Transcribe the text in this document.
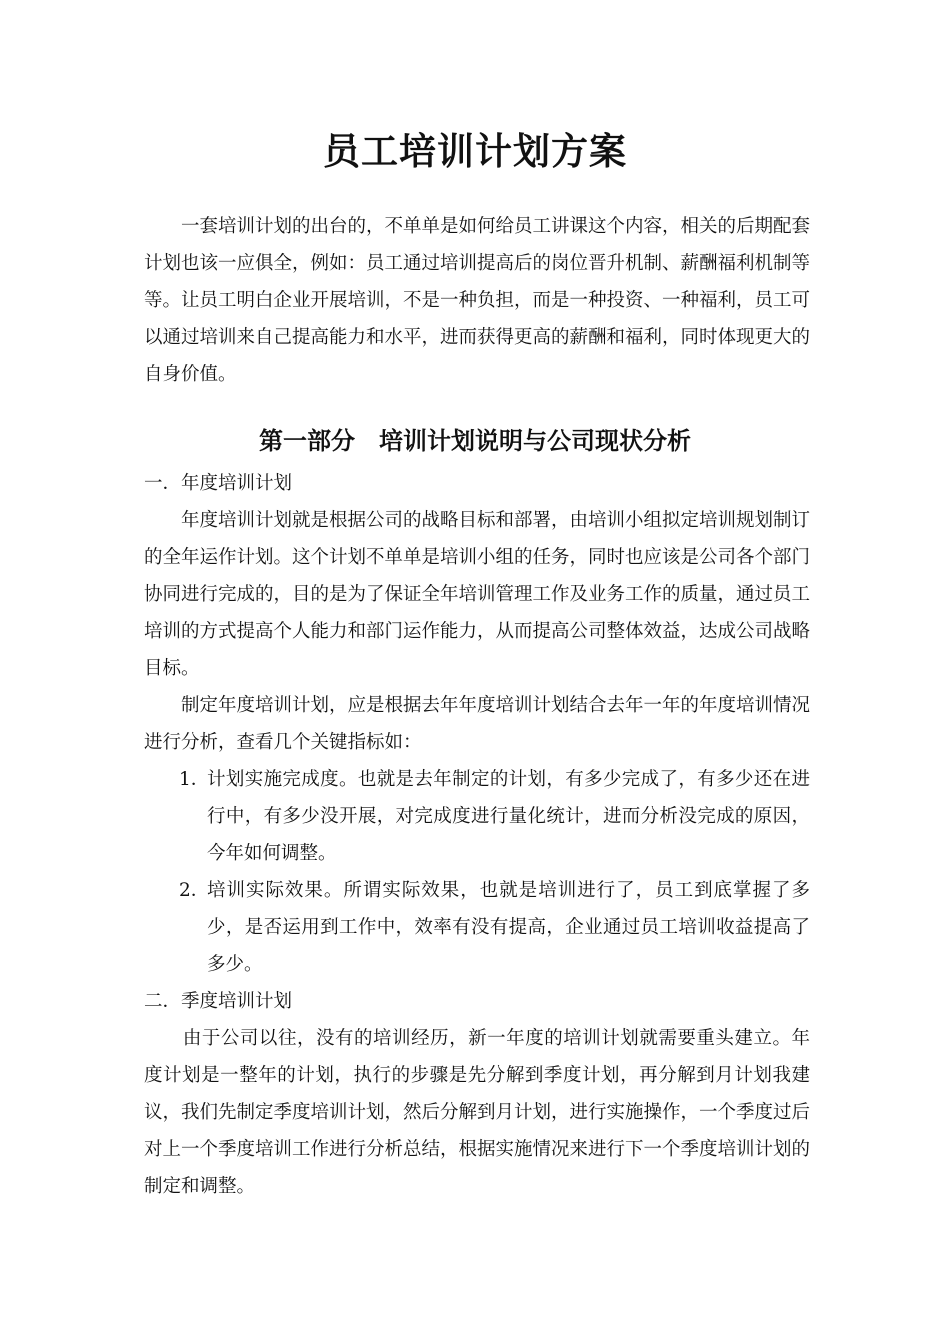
员工培训计划方案

一套培训计划的出台的，不单单是如何给员工讲课这个内容，相关的后期配套计划也该一应俱全，例如：员工通过培训提高后的岗位晋升机制、薪酬福利机制等等。让员工明白企业开展培训，不是一种负担，而是一种投资、一种福利，员工可以通过培训来自己提高能力和水平，进而获得更高的薪酬和福利，同时体现更大的自身价值。

第一部分　培训计划说明与公司现状分析

一．年度培训计划

年度培训计划就是根据公司的战略目标和部署，由培训小组拟定培训规划制订的全年运作计划。这个计划不单单是培训小组的任务，同时也应该是公司各个部门协同进行完成的，目的是为了保证全年培训管理工作及业务工作的质量，通过员工培训的方式提高个人能力和部门运作能力，从而提高公司整体效益，达成公司战略目标。

制定年度培训计划，应是根据去年年度培训计划结合去年一年的年度培训情况进行分析，查看几个关键指标如：

1．
计划实施完成度。也就是去年制定的计划，有多少完成了，有多少还在进行中，有多少没开展，对完成度进行量化统计，进而分析没完成的原因，今年如何调整。
2．
培训实际效果。所谓实际效果，也就是培训进行了，员工到底掌握了多少，是否运用到工作中，效率有没有提高，企业通过员工培训收益提高了多少。

二．季度培训计划

由于公司以往，没有的培训经历，新一年度的培训计划就需要重头建立。年度计划是一整年的计划，执行的步骤是先分解到季度计划，再分解到月计划我建议，我们先制定季度培训计划，然后分解到月计划，进行实施操作，一个季度过后对上一个季度培训工作进行分析总结，根据实施情况来进行下一个季度培训计划的制定和调整。
